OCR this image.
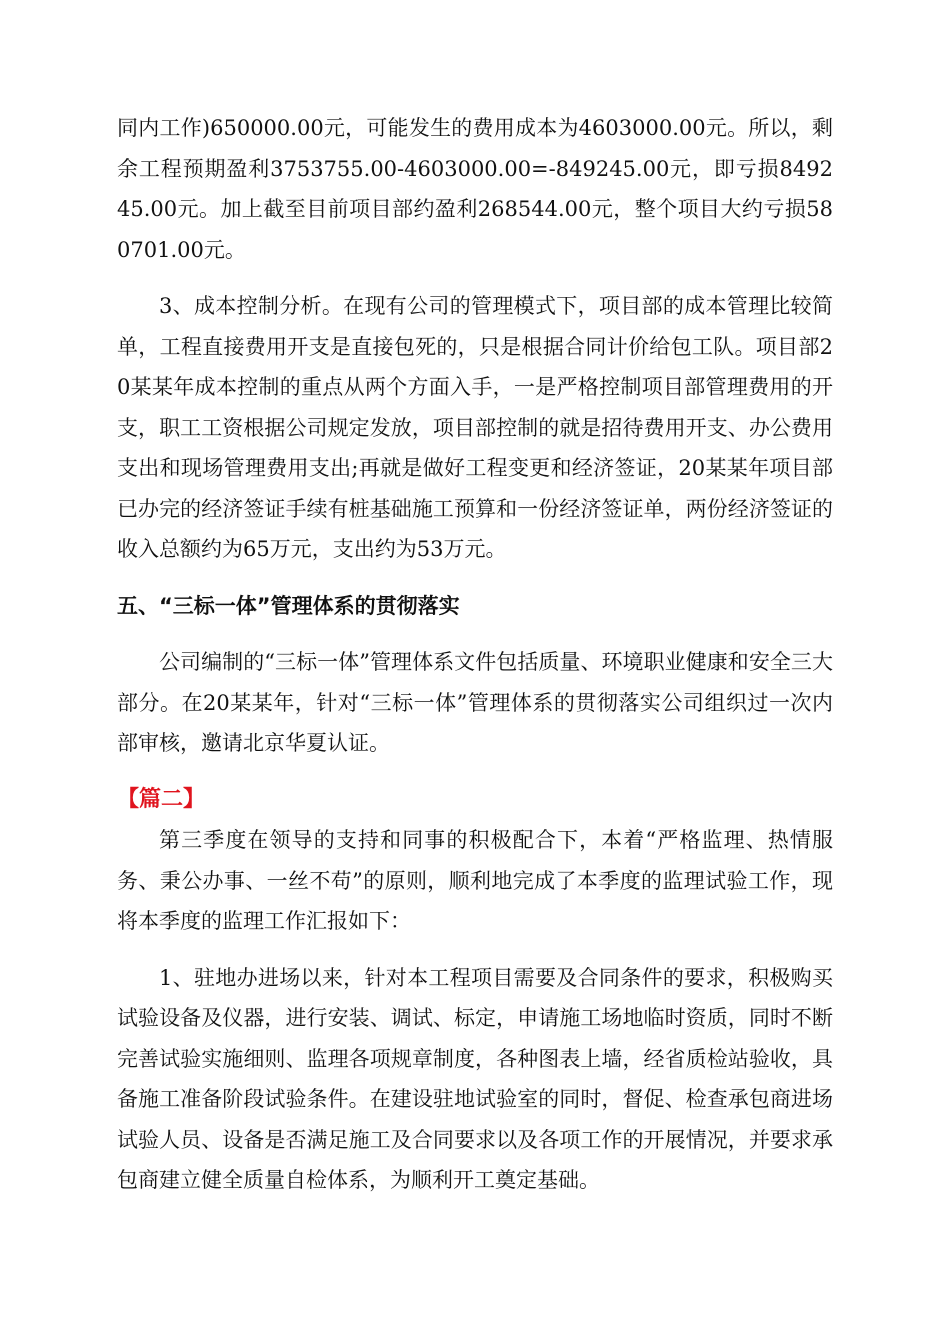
同内工作)650000.00元，可能发生的费用成本为4603000.00元。所以，剩余工程预期盈利3753755.00-4603000.00=-849245.00元，即亏损849245.00元。加上截至目前项目部约盈利268544.00元，整个项目大约亏损580701.00元。

3、成本控制分析。在现有公司的管理模式下，项目部的成本管理比较简单，工程直接费用开支是直接包死的，只是根据合同计价给包工队。项目部20某某年成本控制的重点从两个方面入手，一是严格控制项目部管理费用的开支，职工工资根据公司规定发放，项目部控制的就是招待费用开支、办公费用支出和现场管理费用支出;再就是做好工程变更和经济签证，20某某年项目部已办完的经济签证手续有桩基础施工预算和一份经济签证单，两份经济签证的收入总额约为65万元，支出约为53万元。

五、“三标一体”管理体系的贯彻落实

公司编制的“三标一体”管理体系文件包括质量、环境职业健康和安全三大部分。在20某某年，针对“三标一体”管理体系的贯彻落实公司组织过一次内部审核，邀请北京华夏认证。

【篇二】

第三季度在领导的支持和同事的积极配合下，本着“严格监理、热情服务、秉公办事、一丝不苟”的原则，顺利地完成了本季度的监理试验工作，现将本季度的监理工作汇报如下：

1、驻地办进场以来，针对本工程项目需要及合同条件的要求，积极购买试验设备及仪器，进行安装、调试、标定，申请施工场地临时资质，同时不断完善试验实施细则、监理各项规章制度，各种图表上墙，经省质检站验收，具备施工准备阶段试验条件。在建设驻地试验室的同时，督促、检查承包商进场试验人员、设备是否满足施工及合同要求以及各项工作的开展情况，并要求承包商建立健全质量自检体系，为顺利开工奠定基础。
